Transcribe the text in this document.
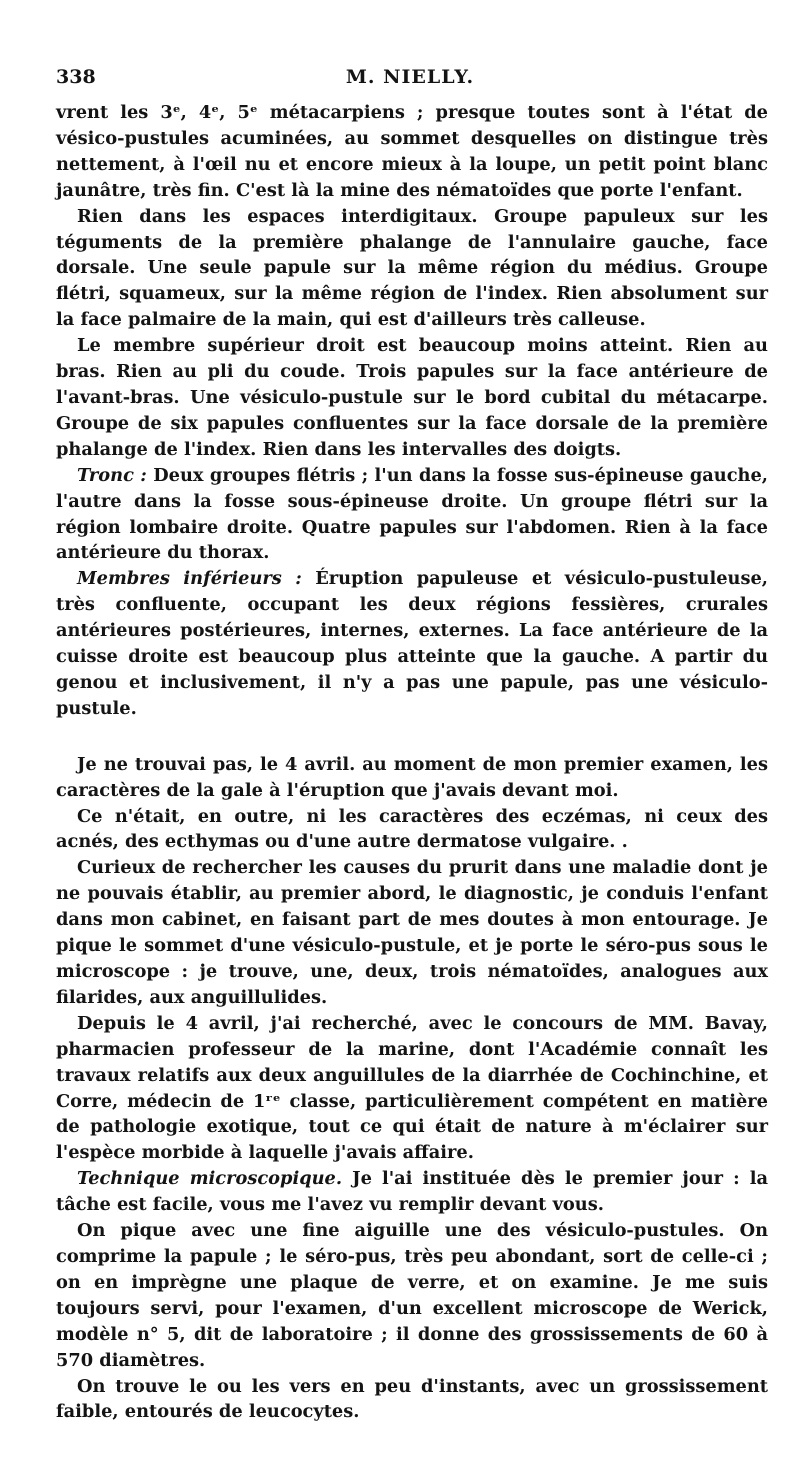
338	M. NIELLY.

vrent les 3ᵉ, 4ᵉ, 5ᵉ métacarpiens ; presque toutes sont à l'état de vésico-pustules acuminées, au sommet desquelles on distingue très nettement, à l'œil nu et encore mieux à la loupe, un petit point blanc jaunâtre, très fin. C'est là la mine des nématoïdes que porte l'enfant.

Rien dans les espaces interdigitaux. Groupe papuleux sur les téguments de la première phalange de l'annulaire gauche, face dorsale. Une seule papule sur la même région du médius. Groupe flétri, squameux, sur la même région de l'index. Rien absolument sur la face palmaire de la main, qui est d'ailleurs très calleuse.

Le membre supérieur droit est beaucoup moins atteint. Rien au bras. Rien au pli du coude. Trois papules sur la face antérieure de l'avant-bras. Une vésiculo-pustule sur le bord cubital du métacarpe. Groupe de six papules confluentes sur la face dorsale de la première phalange de l'index. Rien dans les intervalles des doigts.

Tronc : Deux groupes flétris ; l'un dans la fosse sus-épineuse gauche, l'autre dans la fosse sous-épineuse droite. Un groupe flétri sur la région lombaire droite. Quatre papules sur l'abdomen. Rien à la face antérieure du thorax.

Membres inférieurs : Éruption papuleuse et vésiculo-pustuleuse, très confluente, occupant les deux régions fessières, crurales antérieures postérieures, internes, externes. La face antérieure de la cuisse droite est beaucoup plus atteinte que la gauche. A partir du genou et inclusivement, il n'y a pas une papule, pas une vésiculo-pustule.

Je ne trouvai pas, le 4 avril. au moment de mon premier examen, les caractères de la gale à l'éruption que j'avais devant moi.

Ce n'était, en outre, ni les caractères des eczémas, ni ceux des acnés, des ecthymas ou d'une autre dermatose vulgaire. .

Curieux de rechercher les causes du prurit dans une maladie dont je ne pouvais établir, au premier abord, le diagnostic, je conduis l'enfant dans mon cabinet, en faisant part de mes doutes à mon entourage. Je pique le sommet d'une vésiculo-pustule, et je porte le séro-pus sous le microscope : je trouve, une, deux, trois nématoïdes, analogues aux filarides, aux anguillulides.

Depuis le 4 avril, j'ai recherché, avec le concours de MM. Bavay, pharmacien professeur de la marine, dont l'Académie connaît les travaux relatifs aux deux anguillules de la diarrhée de Cochinchine, et Corre, médecin de 1ʳᵉ classe, particulièrement compétent en matière de pathologie exotique, tout ce qui était de nature à m'éclairer sur l'espèce morbide à laquelle j'avais affaire.

Technique microscopique. Je l'ai instituée dès le premier jour : la tâche est facile, vous me l'avez vu remplir devant vous.

On pique avec une fine aiguille une des vésiculo-pustules. On comprime la papule ; le séro-pus, très peu abondant, sort de celle-ci ; on en imprègne une plaque de verre, et on examine. Je me suis toujours servi, pour l'examen, d'un excellent microscope de Werick, modèle n° 5, dit de laboratoire ; il donne des grossissements de 60 à 570 diamètres.

On trouve le ou les vers en peu d'instants, avec un grossissement faible, entourés de leucocytes.
